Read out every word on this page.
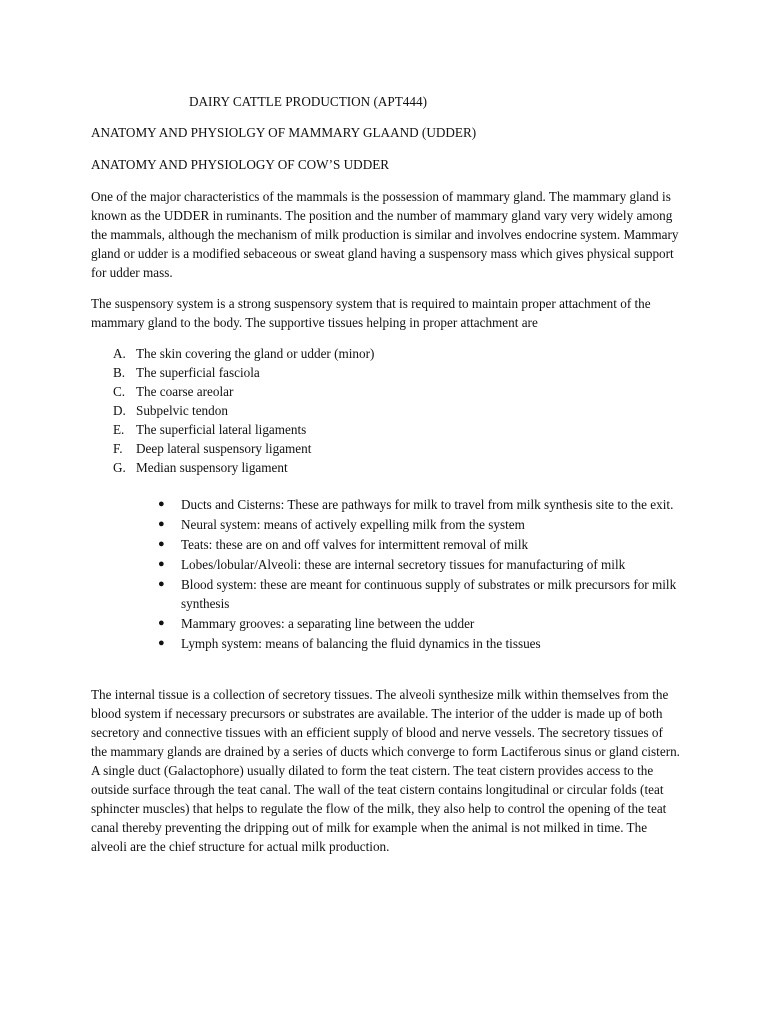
DAIRY CATTLE PRODUCTION (APT444)
ANATOMY AND PHYSIOLGY OF MAMMARY GLAAND (UDDER)
ANATOMY AND PHYSIOLOGY OF COW’S UDDER

One of the major characteristics of the mammals is the possession of mammary gland. The mammary gland is known as the UDDER in ruminants. The position and the number of mammary gland vary very widely among the mammals, although the mechanism of milk production is similar and involves endocrine system. Mammary gland or udder is a modified sebaceous or sweat gland having a suspensory mass which gives physical support for udder mass.

The suspensory system is a strong suspensory system that is required to maintain proper attachment of the mammary gland to the body. The supportive tissues helping in proper attachment are

A. The skin covering the gland or udder (minor)
B. The superficial fasciola
C. The coarse areolar
D. Subpelvic tendon
E. The superficial lateral ligaments
F. Deep lateral suspensory ligament
G. Median suspensory ligament
● Ducts and Cisterns: These are pathways for milk to travel from milk synthesis site to the exit.
● Neural system: means of actively expelling milk from the system
● Teats: these are on and off valves for intermittent removal of milk
● Lobes/lobular/Alveoli: these are internal secretory tissues for manufacturing of milk
● Blood system: these are meant for continuous supply of substrates or milk precursors for milk synthesis
● Mammary grooves: a separating line between the udder
● Lymph system: means of balancing the fluid dynamics in the tissues

The internal tissue is a collection of secretory tissues. The alveoli synthesize milk within themselves from the blood system if necessary precursors or substrates are available. The interior of the udder is made up of both secretory and connective tissues with an efficient supply of blood and nerve vessels. The secretory tissues of the mammary glands are drained by a series of ducts which converge to form Lactiferous sinus or gland cistern. A single duct (Galactophore) usually dilated to form the teat cistern. The teat cistern provides access to the outside surface through the teat canal. The wall of the teat cistern contains longitudinal or circular folds (teat sphincter muscles) that helps to regulate the flow of the milk, they also help to control the opening of the teat canal thereby preventing the dripping out of milk for example when the animal is not milked in time. The alveoli are the chief structure for actual milk production.
